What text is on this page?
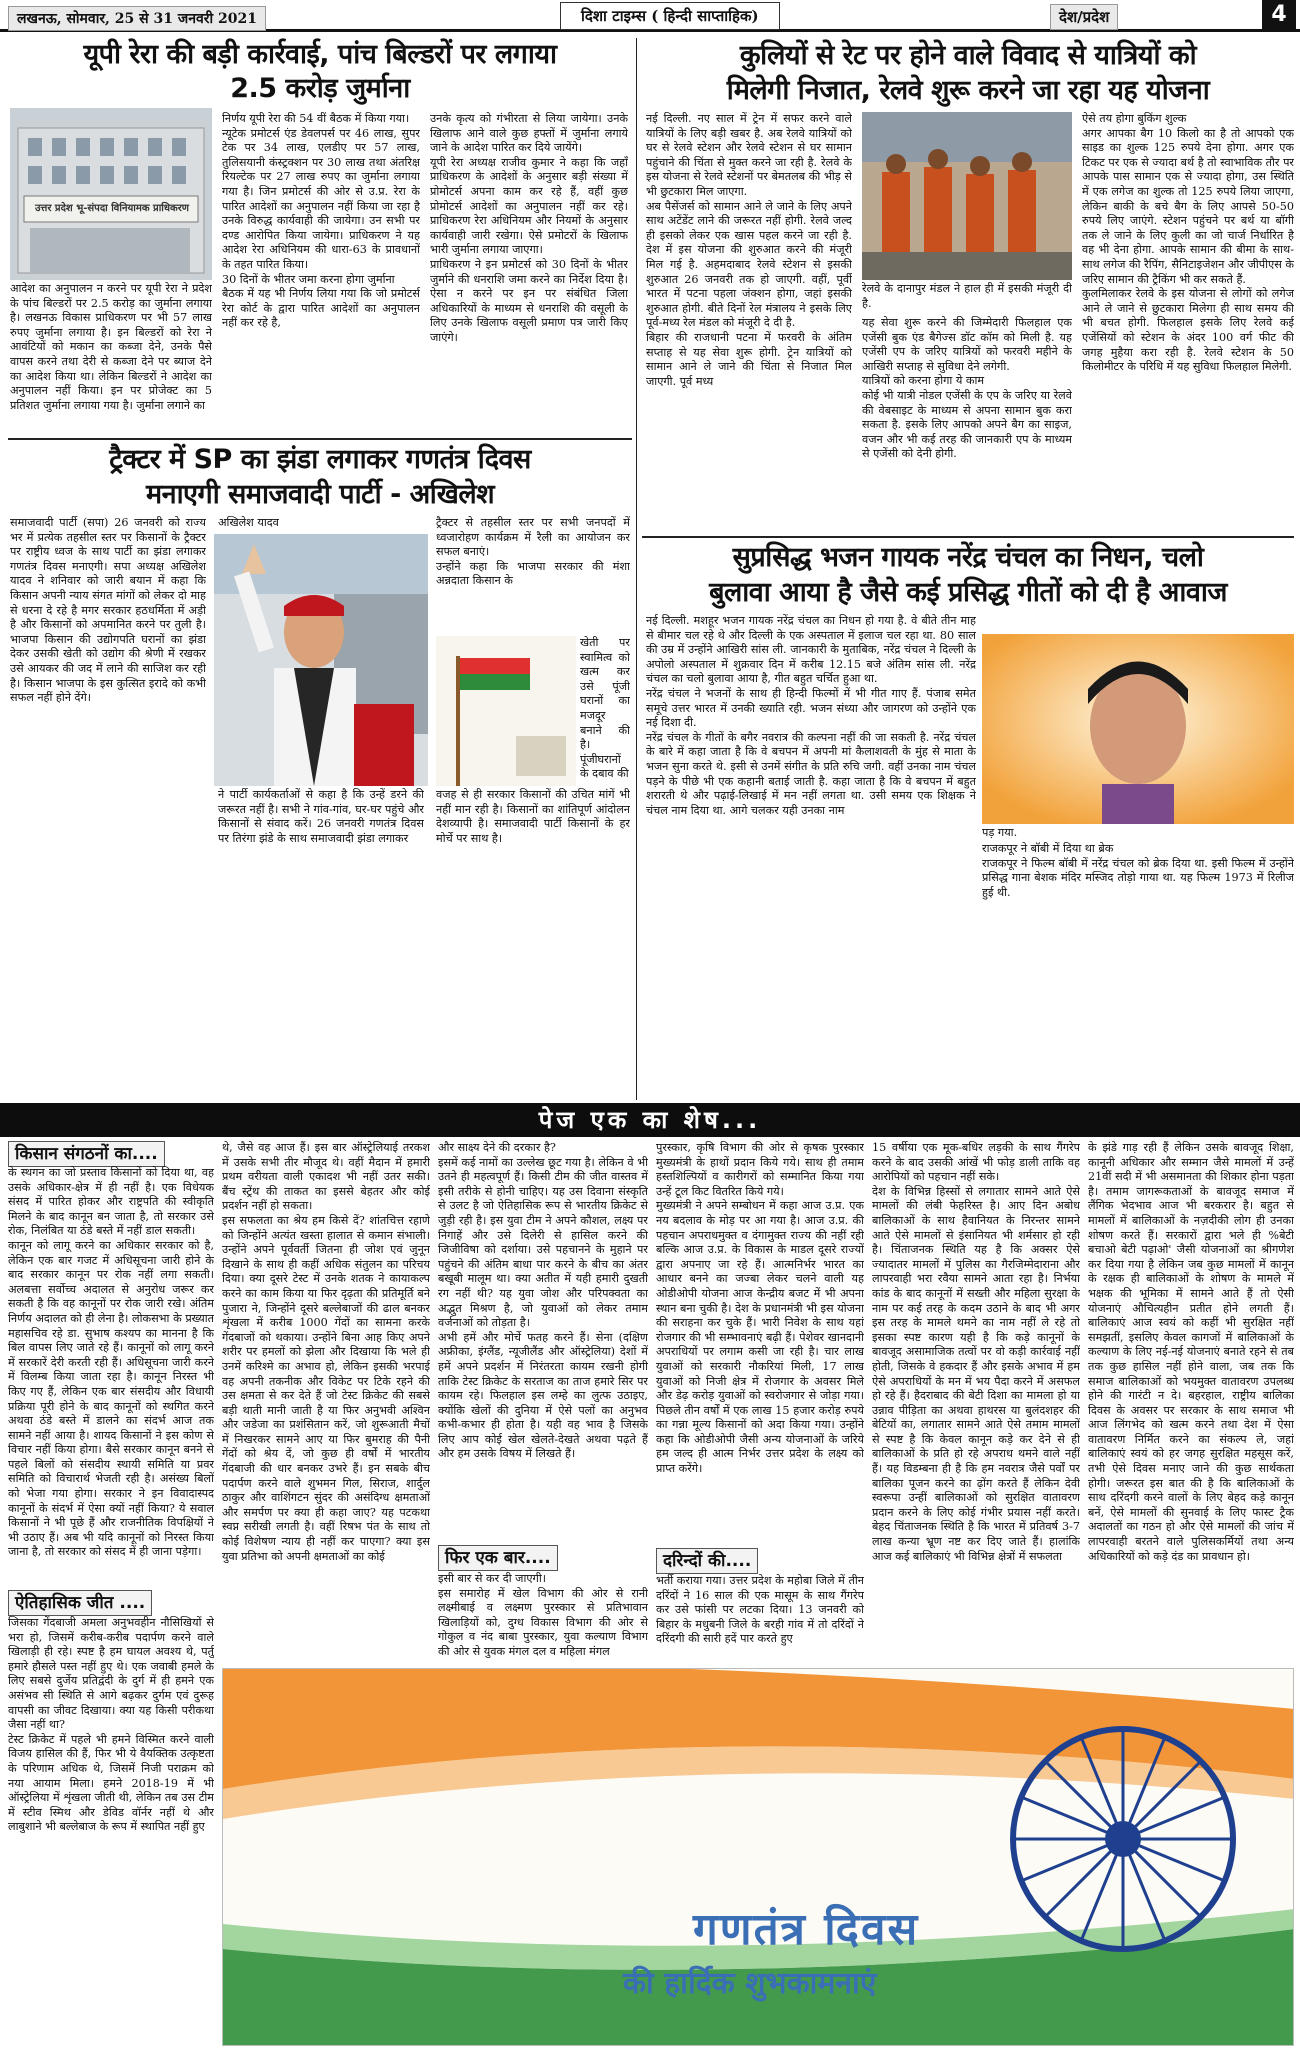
लखनऊ, सोमवार, 25 से 31 जनवरी 2021	दिशा टाइम्स ( हिन्दी साप्ताहिक)	देश/प्रदेश	4
यूपी रेरा की बड़ी कार्रवाई, पांच बिल्डरों पर लगाया
2.5 करोड़ जुर्माना
उत्तर प्रदेश भू-संपदा विनियामक प्राधिकरण
आदेश का अनुपालन न करने पर यूपी रेरा ने प्रदेश के पांच बिल्डरों पर 2.5 करोड़ का जुर्माना लगाया है। लखनऊ विकास प्राधिकरण पर भी 57 लाख रुपए जुर्माना लगाया है। इन बिल्डरों को रेरा ने आवंटियों को मकान का कब्जा देने, उनके पैसे वापस करने तथा देरी से कब्जा देने पर ब्याज देने का आदेश किया था। लेकिन बिल्डरों ने आदेश का अनुपालन नहीं किया। इन पर प्रोजेक्ट का 5 प्रतिशत जुर्माना लगाया गया है। जुर्माना लगाने का
निर्णय यूपी रेरा की 54 वीं बैठक में किया गया।
न्यूटेक प्रमोटर्स एंड डेवलपर्स पर 46 लाख, सुपर टेक पर 34 लाख, एलडीए पर 57 लाख, तुलिसयानी कंस्ट्रक्शन पर 30 लाख तथा अंतरिक्ष रियल्टेक पर 27 लाख रुपए का जुर्माना लगाया गया है। जिन प्रमोटर्स की ओर से उ.प्र. रेरा के पारित आदेशों का अनुपालन नहीं किया जा रहा है उनके विरुद्ध कार्यवाही की जायेगा। उन सभी पर दण्ड आरोपित किया जायेगा। प्राधिकरण ने यह आदेश रेरा अधिनियम की धारा-63 के प्रावधानों के तहत पारित किया।
30 दिनों के भीतर जमा करना होगा जुर्माना
बैठक में यह भी निर्णय लिया गया कि जो प्रमोटर्स रेरा कोर्ट के द्वारा पारित आदेशों का अनुपालन नहीं कर रहे है,
उनके कृत्य को गंभीरता से लिया जायेगा। उनके खिलाफ आने वाले कुछ हफ्तों में जुर्माना लगाये जाने के आदेश पारित कर दिये जायेंगे।
यूपी रेरा अध्यक्ष राजीव कुमार ने कहा कि जहाँ प्राधिकरण के आदेशों के अनुसार बड़ी संख्या में प्रोमोटर्स अपना काम कर रहे हैं, वहीं कुछ प्रोमोटर्स आदेशों का अनुपालन नहीं कर रहे। प्राधिकरण रेरा अधिनियम और नियमों के अनुसार कार्यवाही जारी रखेगा। ऐसे प्रमोटरों के खिलाफ भारी जुर्माना लगाया जाएगा।
प्राधिकरण ने इन प्रमोटर्स को 30 दिनों के भीतर जुर्माने की धनराशि जमा करने का निर्देश दिया है। ऐसा न करने पर इन पर संबंधित जिला अधिकारियों के माध्यम से धनराशि की वसूली के लिए उनके खिलाफ वसूली प्रमाण पत्र जारी किए जाएंगे।
ट्रैक्टर में SP का झंडा लगाकर गणतंत्र दिवस
मनाएगी समाजवादी पार्टी - अखिलेश
समाजवादी पार्टी (सपा) 26 जनवरी को राज्य भर में प्रत्येक तहसील स्तर पर किसानों के ट्रैक्टर पर राष्ट्रीय ध्वज के साथ पार्टी का झंडा लगाकर गणतंत्र दिवस मनाएगी। सपा अध्यक्ष अखिलेश यादव ने शनिवार को जारी बयान में कहा कि किसान अपनी न्याय संगत मांगों को लेकर दो माह से धरना दे रहे है मगर सरकार हठधर्मिता में अड़ी है और किसानों को अपमानित करने पर तुली है। भाजपा किसान की उद्योगपति घरानों का झंडा देकर उसकी खेती को उद्योग की श्रेणी में रखकर उसे आयकर की जद में लाने की साजिश कर रही है। किसान भाजपा के इस कुत्सित इरादे को कभी सफल नहीं होने देंगे।
अखिलेश यादव
ने पार्टी कार्यकर्ताओं से कहा है कि उन्हें डरने की जरूरत नहीं है। सभी ने गांव-गांव, घर-घर पहुंचे और किसानों से संवाद करें। 26 जनवरी गणतंत्र दिवस पर तिरंगा झंडे के साथ समाजवादी झंडा लगाकर
ट्रैक्टर से तहसील स्तर पर सभी जनपदों में ध्वजारोहण कार्यक्रम में रैली का आयोजन कर सफल बनाएं।
उन्होंने कहा कि भाजपा सरकार की मंशा अन्नदाता किसान के
खेती पर स्वामित्व को खत्म कर उसे पूंजी घरानों का मजदूर बनाने की है। पूंजीघरानों के दबाव की
वजह से ही सरकार किसानों की उचित मांगें भी नहीं मान रही है। किसानों का शांतिपूर्ण आंदोलन देशव्यापी है। समाजवादी पार्टी किसानों के हर मोर्चे पर साथ है।
कुलियों से रेट पर होने वाले विवाद से यात्रियों को
मिलेगी निजात, रेलवे शुरू करने जा रहा यह योजना
नई दिल्ली. नए साल में ट्रेन में सफर करने वाले यात्रियों के लिए बड़ी खबर है. अब रेलवे यात्रियों को घर से रेलवे स्टेशन और रेलवे स्टेशन से घर सामान पहुंचाने की चिंता से मुक्त करने जा रही है. रेलवे के इस योजना से रेलवे स्टेशनों पर बेमतलब की भीड़ से भी छुटकारा मिल जाएगा.
अब पैसेंजर्स को सामान आने ले जाने के लिए अपने साथ अटेंडेंट लाने की जरूरत नहीं होगी. रेलवे जल्द ही इसको लेकर एक खास पहल करने जा रही है. देश में इस योजना की शुरुआत करने की मंजूरी मिल गई है. अहमदाबाद रेलवे स्टेशन से इसकी शुरुआत 26 जनवरी तक हो जाएगी. वहीं, पूर्वी भारत में पटना पहला जंक्शन होगा, जहां इसकी शुरुआत होगी. बीते दिनों रेल मंत्रालय ने इसके लिए पूर्व-मध्य रेल मंडल को मंजूरी दे दी है.
बिहार की राजधानी पटना में फरवरी के अंतिम सप्ताह से यह सेवा शुरू होगी. ट्रेन यात्रियों को सामान आने ले जाने की चिंता से निजात मिल जाएगी. पूर्व मध्य
रेलवे के दानापुर मंडल ने हाल ही में इसकी मंजूरी दी है.
यह सेवा शुरू करने की जिम्मेदारी फिलहाल एक एजेंसी बुक एंड बैगेज्स डॉट कॉम को मिली है. यह एजेंसी एप के जरिए यात्रियों को फरवरी महीने के आखिरी सप्ताह से सुविधा देने लगेगी.
यात्रियों को करना होगा ये काम
कोई भी यात्री नोडल एजेंसी के एप के जरिए या रेलवे की वेबसाइट के माध्यम से अपना सामान बुक करा सकता है. इसके लिए आपको अपने बैग का साइज, वजन और भी कई तरह की जानकारी एप के माध्यम से एजेंसी को देनी होगी.
ऐसे तय होगा बुकिंग शुल्क
अगर आपका बैग 10 किलो का है तो आपको एक साइड का शुल्क 125 रुपये देना होगा. अगर एक टिकट पर एक से ज्यादा बर्थ है तो स्वाभाविक तौर पर आपके पास सामान एक से ज्यादा होगा, उस स्थिति में एक लगेज का शुल्क तो 125 रुपये लिया जाएगा, लेकिन बाकी के बचे बैग के लिए आपसे 50-50 रुपये लिए जाएंगे. स्टेशन पहुंचने पर बर्थ या बॉगी तक ले जाने के लिए कुली का जो चार्ज निर्धारित है वह भी देना होगा. आपके सामान की बीमा के साथ-साथ लगेज की रैपिंग, सैनिटाइजेशन और जीपीएस के जरिए सामान की ट्रैकिंग भी कर सकते हैं.
कुलमिलाकर रेलवे के इस योजना से लोगों को लगेज आने ले जाने से छुटकारा मिलेगा ही साथ समय की भी बचत होगी. फिलहाल इसके लिए रेलवे कई एजेंसियों को स्टेशन के अंदर 100 वर्ग फीट की जगह मुहैया करा रही है. रेलवे स्टेशन के 50 किलोमीटर के परिधि में यह सुविधा फिलहाल मिलेगी.
सुप्रसिद्ध भजन गायक नरेंद्र चंचल का निधन, चलो
बुलावा आया है जैसे कई प्रसिद्ध गीतों को दी है आवाज
नई दिल्ली. मशहूर भजन गायक नरेंद्र चंचल का निधन हो गया है. वे बीते तीन माह से बीमार चल रहे थे और दिल्ली के एक अस्पताल में इलाज चल रहा था. 80 साल की उम्र में उन्होंने आखिरी सांस ली. जानकारी के मुताबिक, नरेंद्र चंचल ने दिल्ली के अपोलो अस्पताल में शुक्रवार दिन में करीब 12.15 बजे अंतिम सांस ली. नरेंद्र चंचल का चलो बुलावा आया है, गीत बहुत चर्चित हुआ था.
नरेंद्र चंचल ने भजनों के साथ ही हिन्दी फिल्मों में भी गीत गाए हैं. पंजाब समेत समूचे उत्तर भारत में उनकी ख्याति रही. भजन संध्या और जागरण को उन्होंने एक नई दिशा दी.
नरेंद्र चंचल के गीतों के बगैर नवरात्र की कल्पना नहीं की जा सकती है. नरेंद्र चंचल के बारे में कहा जाता है कि वे बचपन में अपनी मां कैलाशवती के मुंह से माता के भजन सुना करते थे. इसी से उनमें संगीत के प्रति रुचि जगी. वहीं उनका नाम चंचल पड़ने के पीछे भी एक कहानी बताई जाती है. कहा जाता है कि वे बचपन में बहुत शरारती थे और पढ़ाई-लिखाई में मन नहीं लगता था. उसी समय एक शिक्षक ने चंचल नाम दिया था. आगे चलकर यही उनका नाम
पड़ गया.
राजकपूर ने बॉबी में दिया था ब्रेक
राजकपूर ने फिल्म बॉबी में नरेंद्र चंचल को ब्रेक दिया था. इसी फिल्म में उन्होंने प्रसिद्ध गाना बेशक मंदिर मस्जिद तोड़ो गाया था. यह फिल्म 1973 में रिलीज हुई थी.
पेज एक का शेष...
किसान संगठनों का....
के स्थगन का जो प्रस्ताव किसानों को दिया था, वह उसके अधिकार-क्षेत्र में ही नहीं है। एक विधेयक संसद में पारित होकर और राष्ट्रपति की स्वीकृति मिलने के बाद कानून बन जाता है, तो सरकार उसे रोक, निलंबित या ठंडे बस्ते में नहीं डाल सकती।
कानून को लागू करने का अधिकार सरकार को है, लेकिन एक बार गजट में अधिसूचना जारी होने के बाद सरकार कानून पर रोक नहीं लगा सकती। अलबत्ता सर्वोच्च अदालत से अनुरोध जरूर कर सकती है कि वह कानूनों पर रोक जारी रखे। अंतिम निर्णय अदालत को ही लेना है। लोकसभा के प्रख्यात महासचिव रहे डा. सुभाष कश्यप का मानना है कि बिल वापस लिए जाते रहे हैं। कानूनों को लागू करने में सरकारें देरी करती रही हैं। अधिसूचना जारी करने में विलम्ब किया जाता रहा है। कानून निरस्त भी किए गए हैं, लेकिन एक बार संसदीय और विधायी प्रक्रिया पूरी होने के बाद कानूनों को स्थगित करने अथवा ठंडे बस्ते में डालने का संदर्भ आज तक सामने नहीं आया है। शायद किसानों ने इस कोण से विचार नहीं किया होगा। बैसे सरकार कानून बनने से पहले बिलों को संसदीय स्थायी समिति या प्रवर समिति को विचारार्थ भेजती रही है। असंख्य बिलों को भेजा गया होगा। सरकार ने इन विवादास्पद कानूनों के संदर्भ में ऐसा क्यों नहीं किया? ये सवाल किसानों ने भी पूछे हैं और राजनीतिक विपक्षियों ने भी उठाए हैं। अब भी यदि कानूनों को निरस्त किया जाना है, तो सरकार को संसद में ही जाना पड़ेगा।
ऐतिहासिक जीत ....
जिसका गेंदबाजी अमला अनुभवहीन नौसिखियों से भरा हो, जिसमें करीब-करीब पदार्पण करने वाले खिलाड़ी ही रहे। स्पष्ट है हम घायल अवश्य थे, पर्तु हमारे हौसले पस्त नहीं हुए थे। एक जवाबी हमले के लिए सबसे दुर्जेय प्रतिद्वंदी के दुर्ग में ही हमने एक असंभव सी स्थिति से आगे बढ़कर दुर्गम एवं दुरूह वापसी का जीवट दिखाया। क्या यह किसी परीकथा जैसा नहीं था?
टेस्ट क्रिकेट में पहले भी हमने विस्मित करने वाली विजय हासिल की हैं, फिर भी ये वैयक्तिक उत्कृष्टता के परिणाम अधिक थे, जिसमें निजी पराक्रम को नया आयाम मिला। हमने 2018-19 में भी ऑस्ट्रेलिया में शृंखला जीती थी, लेकिन तब उस टीम में स्टीव स्मिथ और डेविड वॉर्नर नहीं थे और लाबुशाने भी बल्लेबाज के रूप में स्थापित नहीं हुए
थे, जैसे वह आज हैं। इस बार ऑस्ट्रेलियाई तरकश में उसके सभी तीर मौजूद थे। वहीं मैदान में हमारी प्रथम वरीयता वाली एकादश भी नहीं उतर सकी। बैंच स्ट्रेंथ की ताकत का इससे बेहतर और कोई प्रदर्शन नहीं हो सकता।
इस सफलता का श्रेय हम किसे दें? शांतचित्त रहाणे को जिन्होंने अत्यंत खस्ता हालात से कमान संभाली। उन्होंने अपने पूर्ववर्ती जितना ही जोश एवं जुनून दिखाने के साथ ही कहीं अधिक संतुलन का परिचय दिया। क्या दूसरे टेस्ट में उनके शतक ने कायाकल्प करने का काम किया या फिर दृढ़ता की प्रतिमूर्ति बने पुजारा ने, जिन्होंने दूसरे बल्लेबाजों की ढाल बनकर शृंखला में करीब 1000 गेंदों का सामना करके गेंदबाजों को थकाया। उन्होंने बिना आह किए अपने शरीर पर हमलों को झेला और दिखाया कि भले ही उनमें करिश्मे का अभाव हो, लेकिन इसकी भरपाई वह अपनी तकनीक और विकेट पर टिके रहने की उस क्षमता से कर देते हैं जो टेस्ट क्रिकेट की सबसे बड़ी थाती मानी जाती है या फिर अनुभवी अश्विन और जडेजा का प्रशंसितान करें, जो शुरूआती मैचों में निखरकर सामने आए या फिर बुमराह की पैनी गेंदों को श्रेय दें, जो कुछ ही वर्षों में भारतीय गेंदबाजी की धार बनकर उभरे हैं। इन सबके बीच पदार्पण करने वाले शुभमन गिल, सिराज, शार्दुल ठाकुर और वाशिंगटन सुंदर की असंदिग्ध क्षमताओं और समर्पण पर क्या ही कहा जाए? यह पटकथा स्वप्न सरीखी लगती है। वहीं रिषभ पंत के साथ तो कोई विशेषण न्याय ही नहीं कर पाएगा? क्या इस युवा प्रतिभा को अपनी क्षमताओं का कोई
और साक्ष्य देने की दरकार है?
इसमें कई नामों का उल्लेख छूट गया है। लेकिन वे भी उतने ही महत्वपूर्ण हैं। किसी टीम की जीत वास्तव में इसी तरीके से होनी चाहिए। यह उस दिवाना संस्कृति से उलट है जो ऐतिहासिक रूप से भारतीय क्रिकेट से जुड़ी रही है। इस युवा टीम ने अपने कौशल, लक्ष्य पर निगाहें और उसे दिलेरी से हासिल करने की जिजीविषा को दर्शाया। उसे पहचानने के मुहाने पर पहुंचने की अंतिम बाधा पार करने के बीच का अंतर बखूबी मालूम था। क्या अतीत में यही हमारी दुखती रग नहीं थी? यह युवा जोश और परिपक्वता का अद्भुत मिश्रण है, जो युवाओं को लेकर तमाम वर्जनाओं को तोड़ता है।
अभी हमें और मोर्चे फतह करने हैं। सेना (दक्षिण अफ्रीका, इंग्लैंड, न्यूजीलैंड और ऑस्ट्रेलिया) देशों में हमें अपने प्रदर्शन में निरंतरता कायम रखनी होगी ताकि टेस्ट क्रिकेट के सरताज का ताज हमारे सिर पर कायम रहे। फिलहाल इस लम्हे का लुत्फ उठाइए, क्योंकि खेलों की दुनिया में ऐसे पलों का अनुभव कभी-कभार ही होता है। यही वह भाव है जिसके लिए आप कोई खेल खेलते-देखते अथवा पढ़ते हैं और हम उसके विषय में लिखते हैं।
फिर एक बार....
इसी बार से कर दी जाएगी।
इस समारोह में खेल विभाग की ओर से रानी लक्ष्मीबाई व लक्ष्मण पुरस्कार से प्रतिभावान खिलाड़ियों को, दुग्ध विकास विभाग की ओर से गोकुल व नंद बाबा पुरस्कार, युवा कल्याण विभाग की ओर से युवक मंगल दल व महिला मंगल
पुरस्कार, कृषि विभाग की ओर से कृषक पुरस्कार मुख्यमंत्री के हाथों प्रदान किये गये। साथ ही तमाम हस्तशिल्पियों व कारीगरों को सम्मानित किया गया उन्हें टूल किट वितरित किये गये।
मुख्यमंत्री ने अपने सम्बोधन में कहा आज उ.प्र. एक नय बदलाव के मोड़ पर आ गया है। आज उ.प्र. की पहचान अपराधमुक्त व दंगामुक्त राज्य की नहीं रही बल्कि आज उ.प्र. के विकास के माडल दूसरे राज्यों द्वारा अपनाए जा रहे हैं। आत्मनिर्भर भारत का आधार बनने का जज्बा लेकर चलने वाली यह ओडीओपी योजना आज केन्द्रीय बजट में भी अपना स्थान बना चुकी है। देश के प्रधानमंत्री भी इस योजना की सराहना कर चुके हैं। भारी निवेश के साथ यहां रोजगार की भी सम्भावनाएं बढ़ी हैं। पेशेवर खानदानी अपराधियों पर लगाम कसी जा रही है। चार लाख युवाओं को सरकारी नौकरियां मिली, 17 लाख युवाओं को निजी क्षेत्र में रोजगार के अवसर मिले और डेढ़ करोड़ युवाओं को स्वरोजगार से जोड़ा गया। पिछले तीन वर्षों में एक लाख 15 हजार करोड़ रुपये का गन्ना मूल्य किसानों को अदा किया गया। उन्होंने कहा कि ओडीओपी जैसी अन्य योजनाओं के जरिये हम जल्द ही आत्म निर्भर उत्तर प्रदेश के लक्ष्य को प्राप्त करेंगे।
दरिन्दों की....
भर्ती कराया गया। उत्तर प्रदेश के महोबा जिले में तीन दरिंदों ने 16 साल की एक मासूम के साथ गैंगरेप कर उसे फांसी पर लटका दिया। 13 जनवरी को बिहार के मधुबनी जिले के बरही गांव में तो दरिंदों ने दरिंदगी की सारी हदें पार करते हुए
15 वर्षीया एक मूक-बधिर लड़की के साथ गैंगरेप करने के बाद उसकी आंखें भी फोड़ डाली ताकि वह आरोपियों को पहचान नहीं सके।
देश के विभिन्न हिस्सों से लगातार सामने आते ऐसे मामलों की लंबी फेहरिस्त है। आए दिन अबोध बालिकाओं के साथ हैवानियत के निरन्तर सामने आते ऐसे मामलों से इंसानियत भी शर्मसार हो रही है। चिंताजनक स्थिति यह है कि अक्सर ऐसे ज्यादातर मामलों में पुलिस का गैरजिम्मेदाराना और लापरवाही भरा रवैया सामने आता रहा है। निर्भया कांड के बाद कानूनों में सख्ती और महिला सुरक्षा के नाम पर कई तरह के कदम उठाने के बाद भी अगर इस तरह के मामले थमने का नाम नहीं ले रहे तो इसका स्पष्ट कारण यही है कि कड़े कानूनों के बावजूद असामाजिक तत्वों पर वो कड़ी कार्रवाई नहीं होती, जिसके वे हकदार हैं और इसके अभाव में हम ऐसे अपराधियों के मन में भय पैदा करने में असफल हो रहे हैं। हैदराबाद की बेटी दिशा का मामला हो या उन्नाव पीड़िता का अथवा हाथरस या बुलंदशहर की बेटियों का, लगातार सामने आते ऐसे तमाम मामलों से स्पष्ट है कि केवल कानून कड़े कर देने से ही बालिकाओं के प्रति हो रहे अपराध थमने वाले नहीं हैं। यह विडम्बना ही है कि हम नवरात्र जैसे पर्वों पर बालिका पूजन करने का ढ़ोंग करते हैं लेकिन देवी स्वरूपा उन्हीं बालिकाओं को सुरक्षित वातावरण प्रदान करने के लिए कोई गंभीर प्रयास नहीं करते। बेहद चिंताजनक स्थिति है कि भारत में प्रतिवर्ष 3-7 लाख कन्या भ्रूण नष्ट कर दिए जाते हैं। हालांकि आज कई बालिकाएं भी विभिन्न क्षेत्रों में सफलता
के झंडे गाड़ रही हैं लेकिन उसके बावजूद शिक्षा, कानूनी अधिकार और सम्मान जैसे मामलों में उन्हें 21वीं सदी में भी असमानता की शिकार होना पड़ता है। तमाम जागरूकताओं के बावजूद समाज में लैंगिक भेदभाव आज भी बरकरार है। बहुत से मामलों में बालिकाओं के नज़दीकी लोग ही उनका शोषण करते हैं। सरकारों द्वारा भले ही %बेटी बचाओ बेटी पढ़ाओ' जैसी योजनाओं का श्रीगणेश कर दिया गया है लेकिन जब कुछ मामलों में कानून के रक्षक ही बालिकाओं के शोषण के मामले में भक्षक की भूमिका में सामने आते हैं तो ऐसी योजनाएं औचित्यहीन प्रतीत होने लगती हैं। बालिकाएं आज स्वयं को कहीं भी सुरक्षित नहीं समझतीं, इसलिए केवल कागजों में बालिकाओं के कल्याण के लिए नई-नई योजनाएं बनाते रहने से तब तक कुछ हासिल नहीं होने वाला, जब तक कि समाज बालिकाओं को भयमुक्त वातावरण उपलब्ध होने की गारंटी न दे। बहरहाल, राष्ट्रीय बालिका दिवस के अवसर पर सरकार के साथ समाज भी आज लिंगभेद को खत्म करने तथा देश में ऐसा वातावरण निर्मित करने का संकल्प ले, जहां बालिकाएं स्वयं को हर जगह सुरक्षित महसूस करें, तभी ऐसे दिवस मनाए जाने की कुछ सार्थकता होगी। जरूरत इस बात की है कि बालिकाओं के साथ दरिंदगी करने वालों के लिए बेहद कड़े कानून बनें, ऐसे मामलों की सुनवाई के लिए फास्ट ट्रैक अदालतों का गठन हो और ऐसे मामलों की जांच में लापरवाही बरतने वाले पुलिसकर्मियों तथा अन्य अधिकारियों को कड़े दंड का प्रावधान हो।
गणतंत्र दिवस
की हार्दिक शुभकामनाएं
